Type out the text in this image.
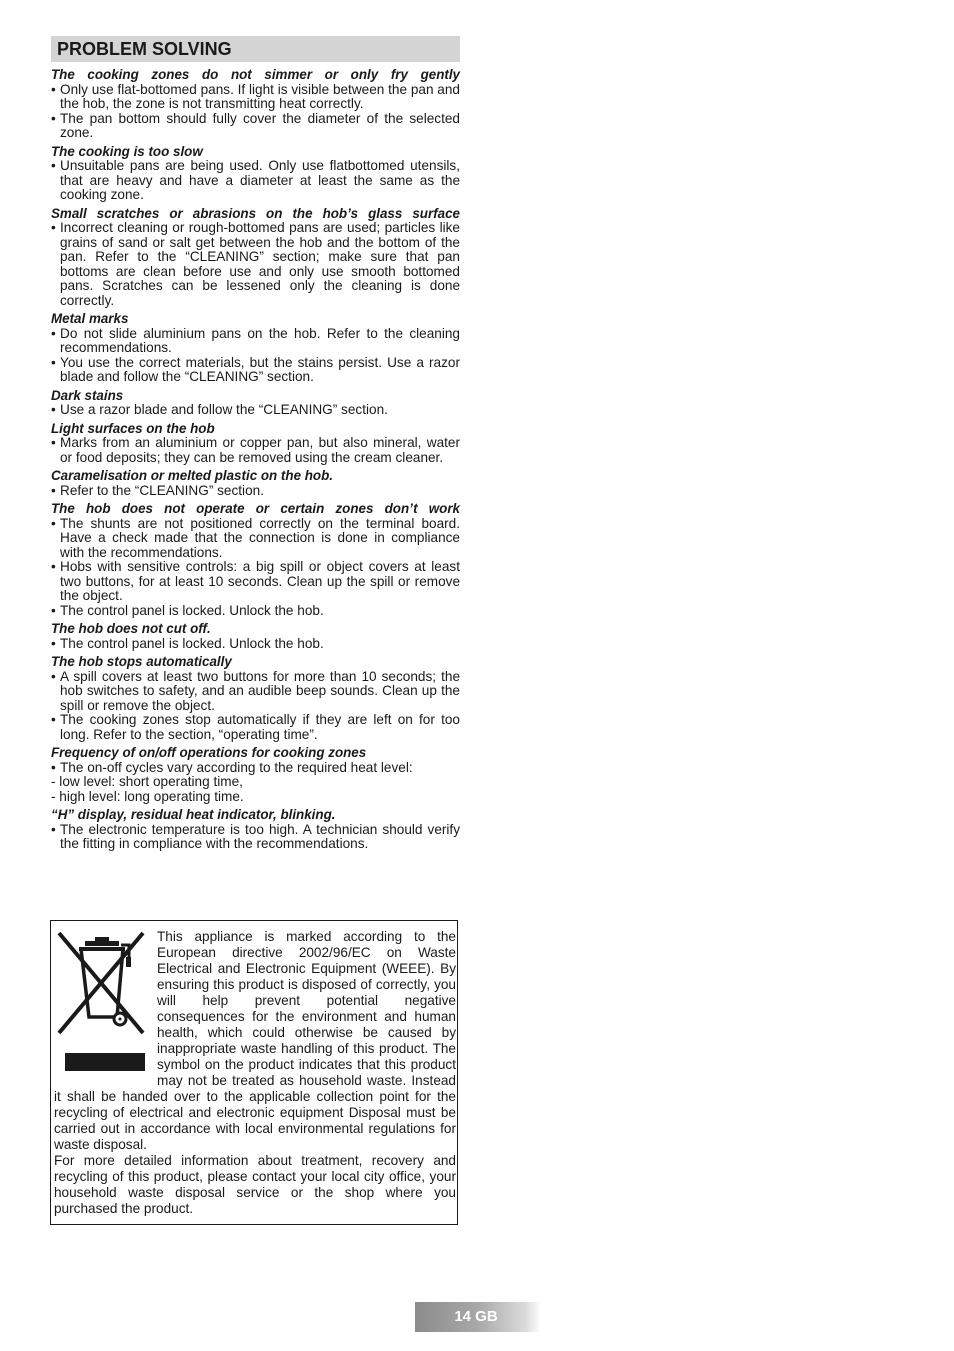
PROBLEM SOLVING
The cooking zones do not simmer or only fry gently

• Only use flat-bottomed pans. If light is visible between the pan and the hob, the zone is not transmitting heat correctly.

• The pan bottom should fully cover the diameter of the selected zone.

The cooking is too slow

• Unsuitable pans are being used. Only use flatbottomed utensils, that are heavy and have a diameter at least the same as the cooking zone.

Small scratches or abrasions on the hob’s glass surface

• Incorrect cleaning or rough-bottomed pans are used; particles like grains of sand or salt get between the hob and the bottom of the pan. Refer to the “CLEANING” section; make sure that pan bottoms are clean before use and only use smooth bottomed pans. Scratches can be lessened only the cleaning is done correctly.

Metal marks

• Do not slide aluminium pans on the hob. Refer to the cleaning recommendations.

• You use the correct materials, but the stains persist. Use a razor blade and follow the “CLEANING” section.

Dark stains

• Use a razor blade and follow the “CLEANING” section.

Light surfaces on the hob

• Marks from an aluminium or copper pan, but also mineral, water or food deposits; they can be removed using the cream cleaner.

Caramelisation or melted plastic on the hob.

• Refer to the “CLEANING” section.

The hob does not operate or certain zones don’t work

• The shunts are not positioned correctly on the terminal board. Have a check made that the connection is done in compliance with the recommendations.

• Hobs with sensitive controls: a big spill or object covers at least two buttons, for at least 10 seconds. Clean up the spill or remove the object.

• The control panel is locked. Unlock the hob.

The hob does not cut off.

• The control panel is locked. Unlock the hob.

The hob stops automatically

• A spill covers at least two buttons for more than 10 seconds; the hob switches to safety, and an audible beep sounds. Clean up the spill or remove the object.

• The cooking zones stop automatically if they are left on for too long. Refer to the section, “operating time”.

Frequency of on/off operations for cooking zones

• The on-off cycles vary according to the required heat level:

- low level: short operating time,

- high level: long operating time.

“H” display, residual heat indicator, blinking.

• The electronic temperature is too high. A technician should verify the fitting in compliance with the recommendations.

This appliance is marked according to the European directive 2002/96/EC on Waste Electrical and Electronic Equipment (WEEE). By ensuring this product is disposed of correctly, you will help prevent potential negative consequences for the environment and human health, which could otherwise be caused by inappropriate waste handling of this product. The symbol on the product indicates that this product may not be treated as household waste. Instead it shall be handed over to the applicable collection point for the recycling of electrical and electronic equipment Disposal must be carried out in accordance with local environmental regulations for waste disposal.

For more detailed information about treatment, recovery and recycling of this product, please contact your local city office, your household waste disposal service or the shop where you purchased the product.

14 GB
